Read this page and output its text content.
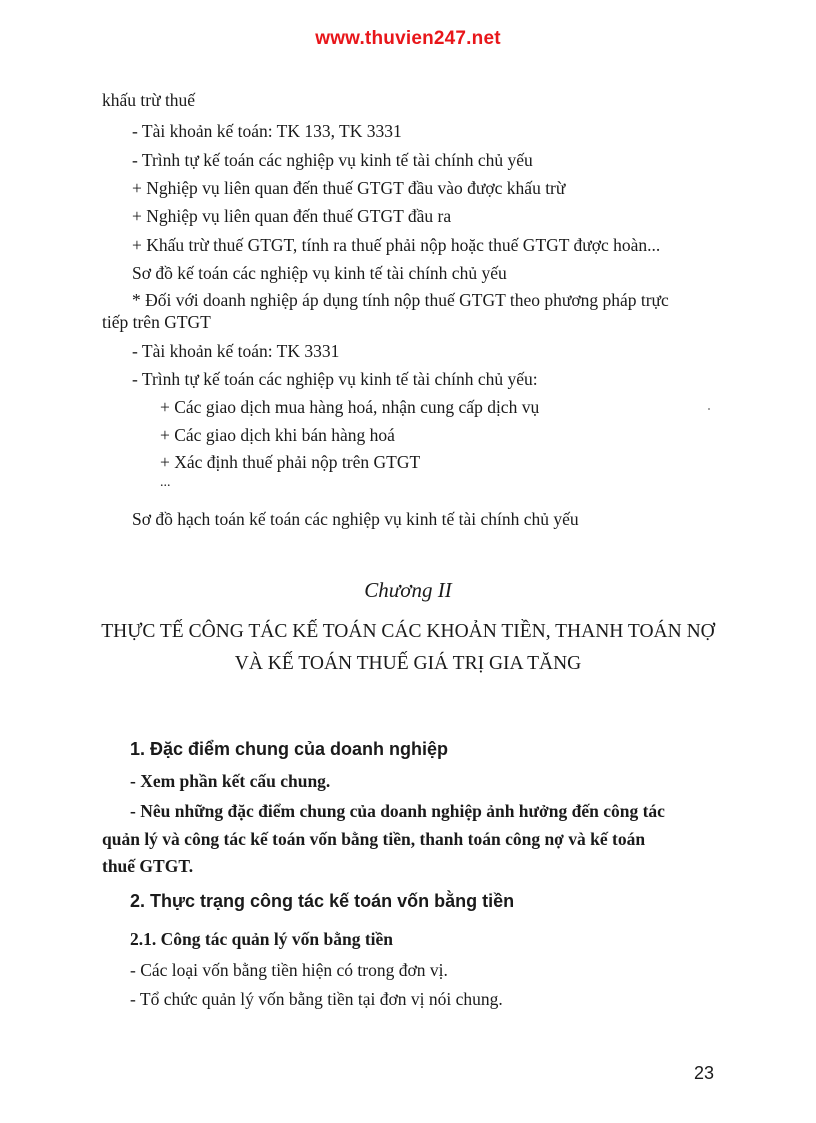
www.thuvien247.net
khấu trừ thuế
- Tài khoản kế toán: TK 133, TK 3331
- Trình tự kế toán các nghiệp vụ kinh tế tài chính chủ yếu
+ Nghiệp vụ liên quan đến thuế GTGT đầu vào được khấu trừ
+ Nghiệp vụ liên quan đến thuế GTGT đầu ra
+ Khấu trừ thuế GTGT, tính ra thuế phải nộp hoặc thuế GTGT được hoàn...
Sơ đồ kế toán các nghiệp vụ kinh tế tài chính chủ yếu
* Đối với doanh nghiệp áp dụng tính nộp thuế GTGT theo phương pháp trực
tiếp trên GTGT
- Tài khoản kế toán: TK 3331
- Trình tự kế toán các nghiệp vụ kinh tế tài chính chủ yếu:
+ Các giao dịch mua hàng hoá, nhận cung cấp dịch vụ
+ Các giao dịch khi bán hàng hoá
+ Xác định thuế phải nộp trên GTGT
...
Sơ đồ hạch toán kế toán các nghiệp vụ kinh tế tài chính chủ yếu
Chương II
THỰC TẾ CÔNG TÁC KẾ TOÁN CÁC KHOẢN TIỀN, THANH TOÁN NỢ
VÀ KẾ TOÁN THUẾ GIÁ TRỊ GIA TĂNG
1. Đặc điểm chung của doanh nghiệp
- Xem phần kết cấu chung.
- Nêu những đặc điểm chung của doanh nghiệp ảnh hưởng đến công tác
quản lý và công tác kế toán vốn bằng tiền, thanh toán công nợ và kế toán
thuế GTGT.
2. Thực trạng công tác kế toán vốn bằng tiền
2.1. Công tác quản lý vốn bằng tiền
- Các loại vốn bằng tiền hiện có trong đơn vị.
- Tổ chức quản lý vốn bằng tiền tại đơn vị nói chung.
23
